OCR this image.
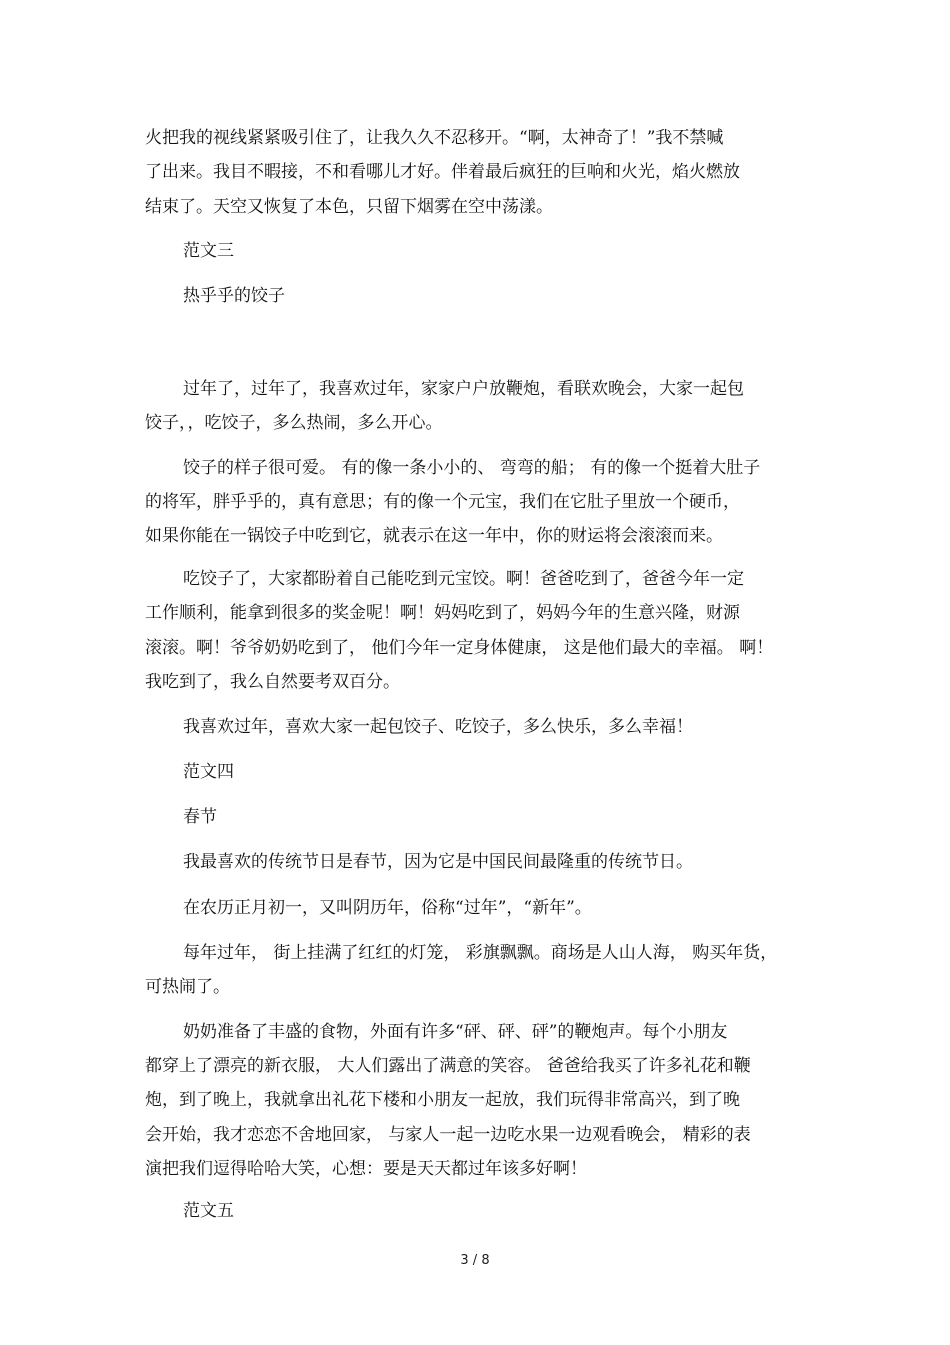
火把我的视线紧紧吸引住了，让我久久不忍移开。“啊，太神奇了！”我不禁喊
了出来。我目不暇接，不和看哪儿才好。伴着最后疯狂的巨响和火光，焰火燃放
结束了。天空又恢复了本色，只留下烟雾在空中荡漾。
范文三
热乎乎的饺子
过年了，过年了，我喜欢过年，家家户户放鞭炮，看联欢晚会，大家一起包
饺子，，吃饺子，多么热闹，多么开心。
饺子的样子很可爱。 有的像一条小小的、 弯弯的船； 有的像一个挺着大肚子
的将军，胖乎乎的，真有意思；有的像一个元宝，我们在它肚子里放一个硬币，
如果你能在一锅饺子中吃到它，就表示在这一年中，你的财运将会滚滚而来。
吃饺子了，大家都盼着自己能吃到元宝饺。啊！爸爸吃到了，爸爸今年一定
工作顺利，能拿到很多的奖金呢！啊！妈妈吃到了，妈妈今年的生意兴隆，财源
滚滚。啊！爷爷奶奶吃到了， 他们今年一定身体健康， 这是他们最大的幸福。 啊！
我吃到了，我么自然要考双百分。
我喜欢过年，喜欢大家一起包饺子、吃饺子，多么快乐，多么幸福！
范文四
春节
我最喜欢的传统节日是春节，因为它是中国民间最隆重的传统节日。
在农历正月初一，又叫阴历年，俗称“过年”，“新年”。
每年过年， 街上挂满了红红的灯笼， 彩旗飘飘。商场是人山人海， 购买年货，
可热闹了。
奶奶准备了丰盛的食物，外面有许多“砰、砰、砰”的鞭炮声。每个小朋友
都穿上了漂亮的新衣服， 大人们露出了满意的笑容。 爸爸给我买了许多礼花和鞭
炮，到了晚上，我就拿出礼花下楼和小朋友一起放，我们玩得非常高兴，到了晚
会开始，我才恋恋不舍地回家， 与家人一起一边吃水果一边观看晚会， 精彩的表
演把我们逗得哈哈大笑，心想：要是天天都过年该多好啊！
范文五
3 / 8
